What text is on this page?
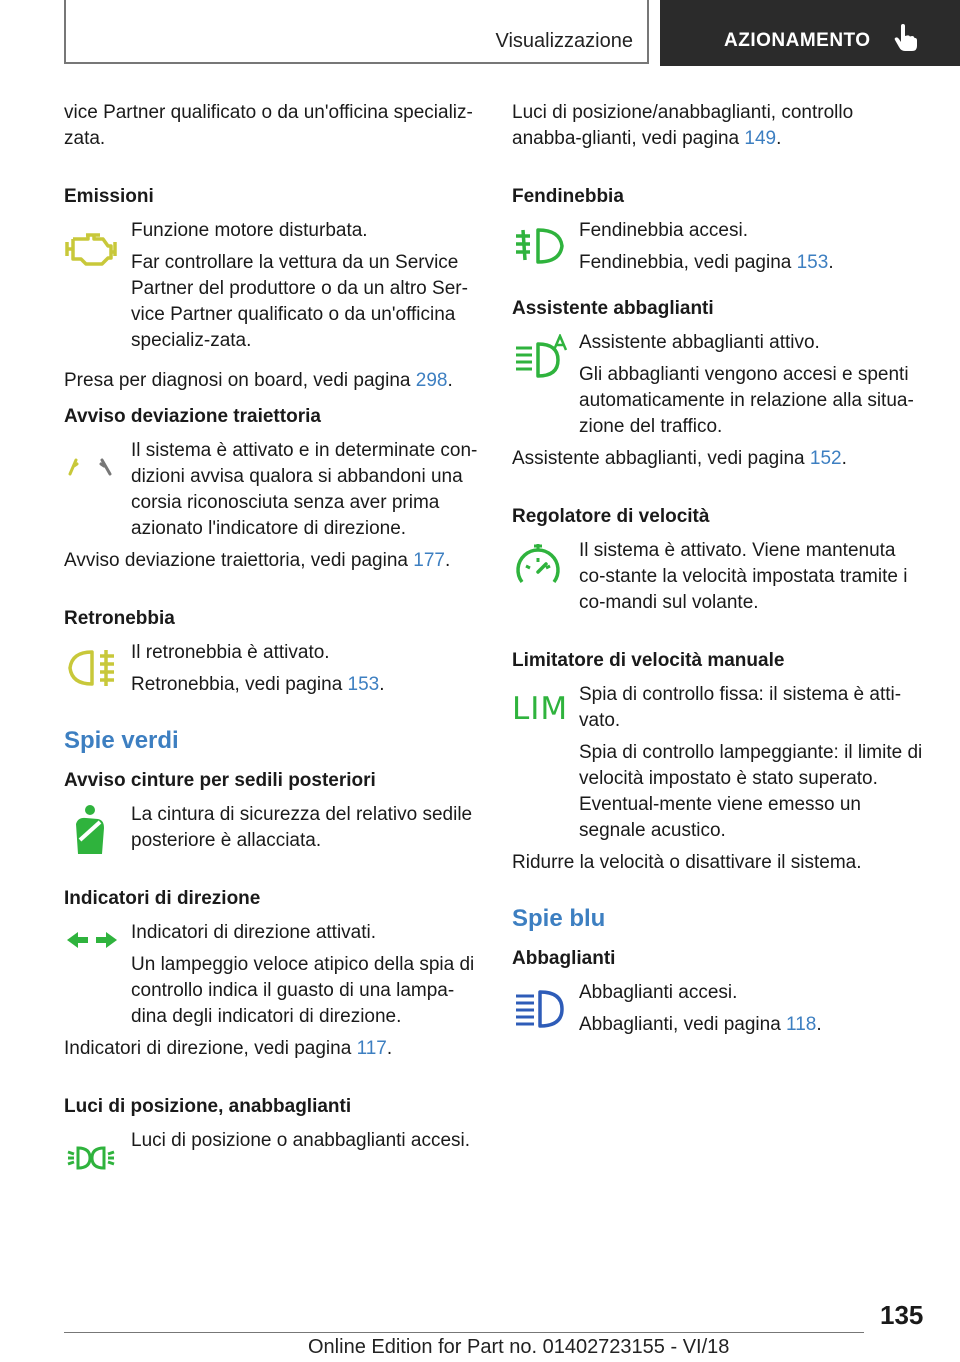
Visualizzazione	AZIONAMENTO

vice Partner qualificato o da un'officina specializ-zata.

Emissioni

Funzione motore disturbata.

Far controllare la vettura da un Service Partner del produttore o da un altro Ser-vice Partner qualificato o da un'officina specializ-zata.

Presa per diagnosi on board, vedi pagina 298.

Avviso deviazione traiettoria

Il sistema è attivato e in determinate con-dizioni avvisa qualora si abbandoni una corsia riconosciuta senza aver prima azionato l'indicatore di direzione.

Avviso deviazione traiettoria, vedi pagina 177.

Retronebbia

Il retronebbia è attivato.

Retronebbia, vedi pagina 153.

Spie verdi
Avviso cinture per sedili posteriori

La cintura di sicurezza del relativo sedile posteriore è allacciata.

Indicatori di direzione

Indicatori di direzione attivati.

Un lampeggio veloce atipico della spia di controllo indica il guasto di una lampa-dina degli indicatori di direzione.

Indicatori di direzione, vedi pagina 117.

Luci di posizione, anabbaglianti

Luci di posizione o anabbaglianti accesi.

Luci di posizione/anabbaglianti, controllo anabba-glianti, vedi pagina 149.

Fendinebbia

Fendinebbia accesi.

Fendinebbia, vedi pagina 153.

Assistente abbaglianti

Assistente abbaglianti attivo.

Gli abbaglianti vengono accesi e spenti automaticamente in relazione alla situa-zione del traffico.

Assistente abbaglianti, vedi pagina 152.

Regolatore di velocità

Il sistema è attivato. Viene mantenuta co-stante la velocità impostata tramite i co-mandi sul volante.

Limitatore di velocità manuale
LIM Spia di controllo fissa: il sistema è atti-vato.

Spia di controllo lampeggiante: il limite di velocità impostato è stato superato. Eventual-mente viene emesso un segnale acustico.

Ridurre la velocità o disattivare il sistema.

Spie blu
Abbaglianti

Abbaglianti accesi.

Abbaglianti, vedi pagina 118.

135
Online Edition for Part no. 01402723155 - VI/18
